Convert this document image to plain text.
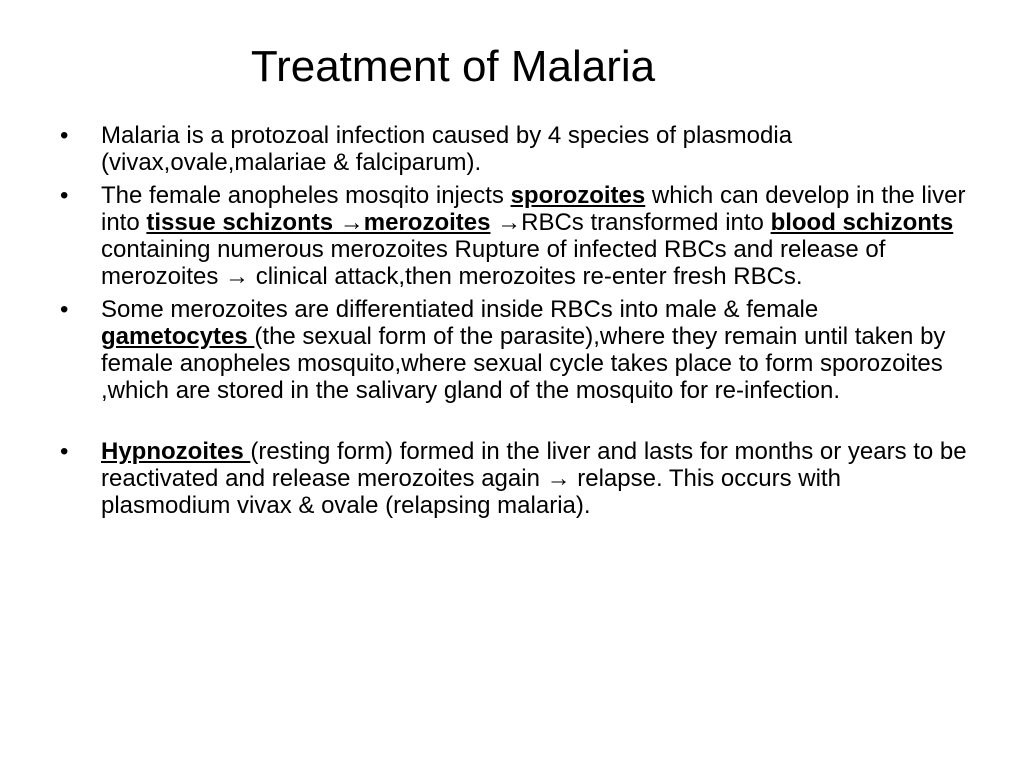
Treatment of Malaria
• Malaria is a protozoal infection caused by 4 species of plasmodia (vivax,ovale,malariae & falciparum).
• The female anopheles mosqito injects sporozoites which can develop in the liver into tissue schizonts →merozoites →RBCs transformed into blood schizonts containing numerous merozoites Rupture of infected RBCs and release of merozoites → clinical attack,then merozoites re-enter fresh RBCs.
• Some merozoites are differentiated inside RBCs into male & female gametocytes (the sexual form of the parasite),where they remain until taken by female anopheles mosquito,where sexual cycle takes place to form sporozoites ,which are stored in the salivary gland of the mosquito for re-infection.
• Hypnozoites (resting form) formed in the liver and lasts for months or years to be reactivated and release merozoites again → relapse. This occurs with plasmodium vivax & ovale (relapsing malaria).
